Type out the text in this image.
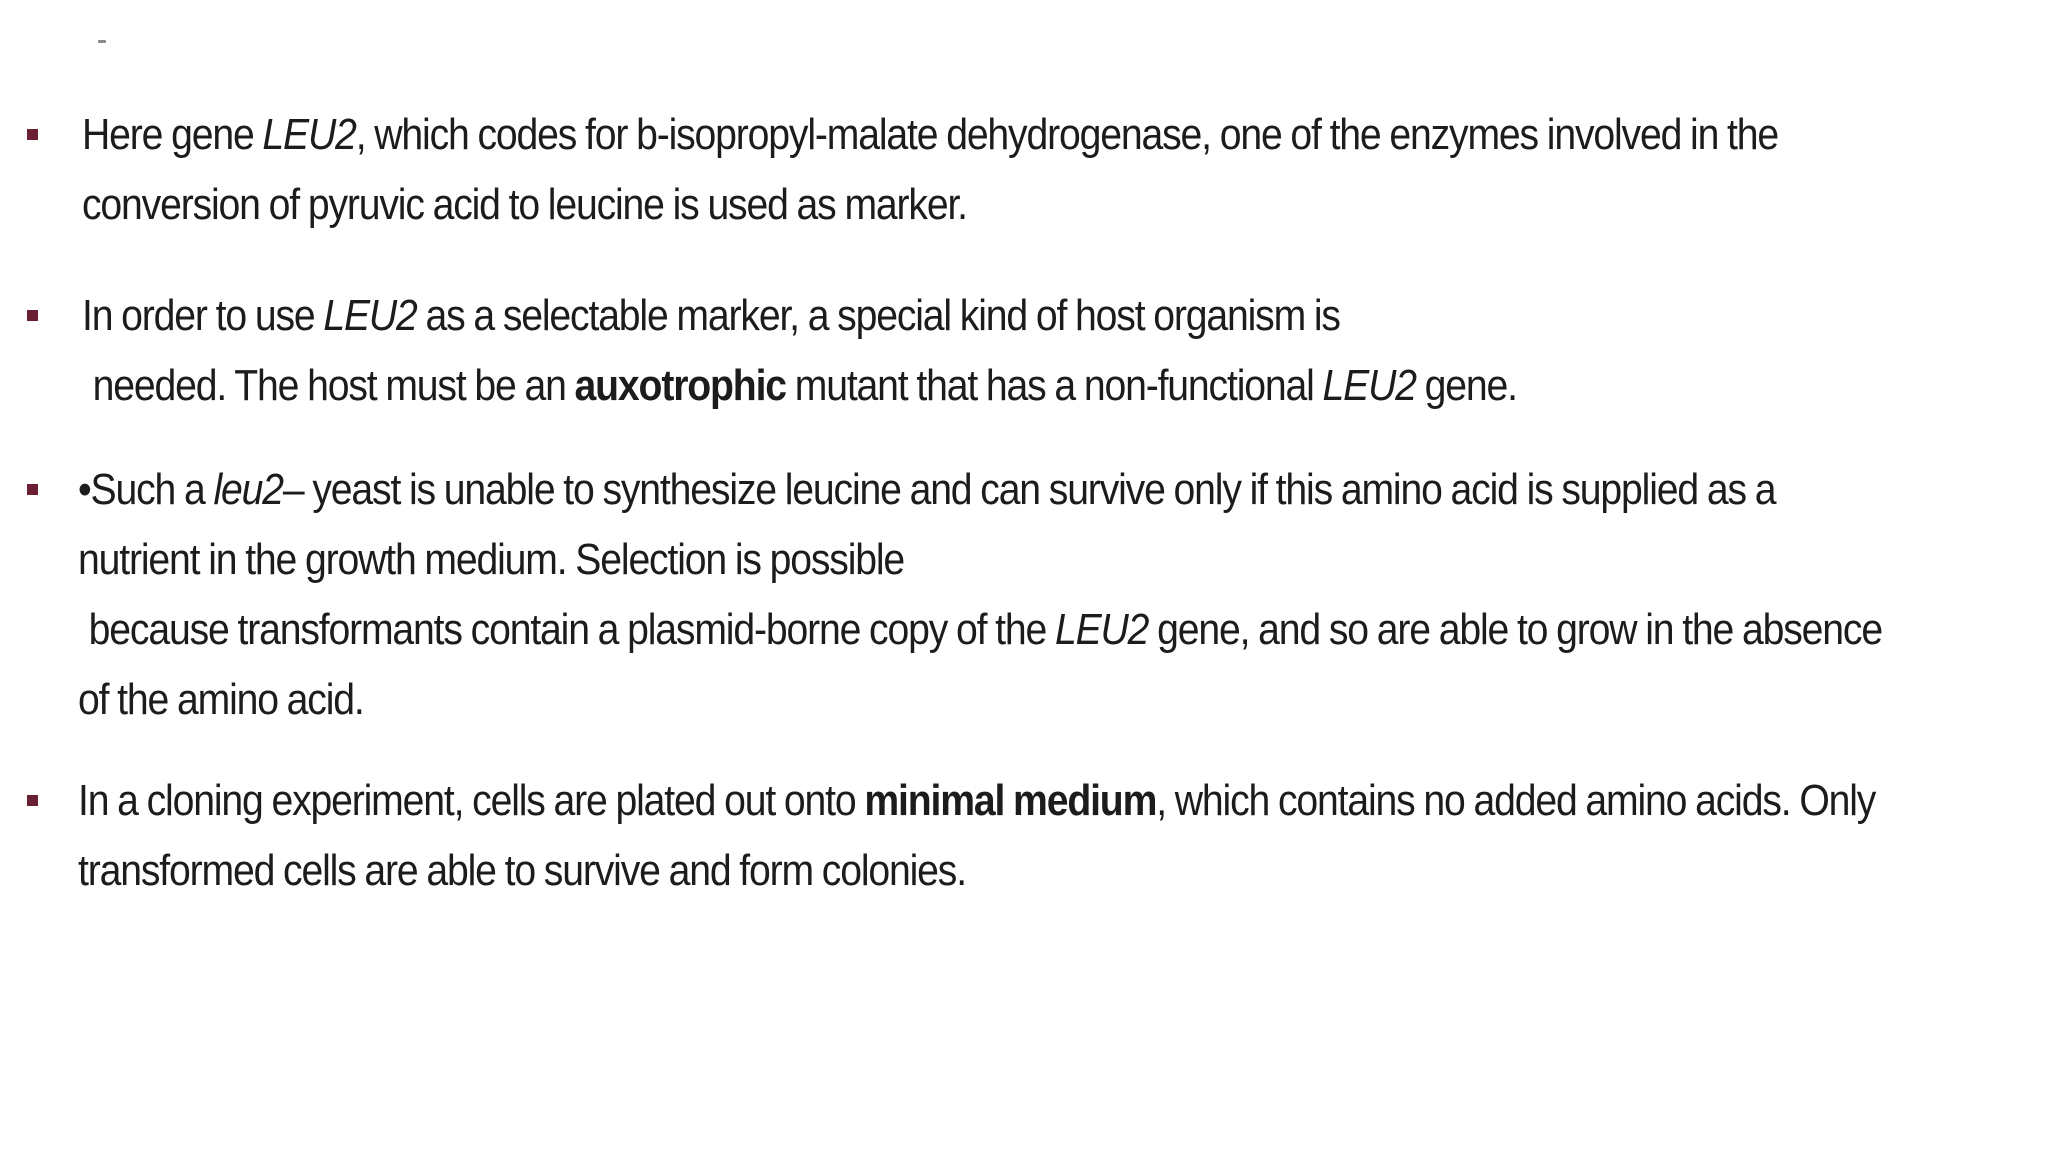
Here gene LEU2, which codes for b-isopropyl-malate dehydrogenase, one of the enzymes involved in the
conversion of pyruvic acid to leucine is used as marker.
In order to use LEU2 as a selectable marker, a special kind of host organism is
needed. The host must be an auxotrophic mutant that has a non-functional LEU2 gene.
•Such a leu2– yeast is unable to synthesize leucine and can survive only if this amino acid is supplied as a
nutrient in the growth medium. Selection is possible
because transformants contain a plasmid-borne copy of the LEU2 gene, and so are able to grow in the absence
of the amino acid.
In a cloning experiment, cells are plated out onto minimal medium, which contains no added amino acids. Only
transformed cells are able to survive and form colonies.
